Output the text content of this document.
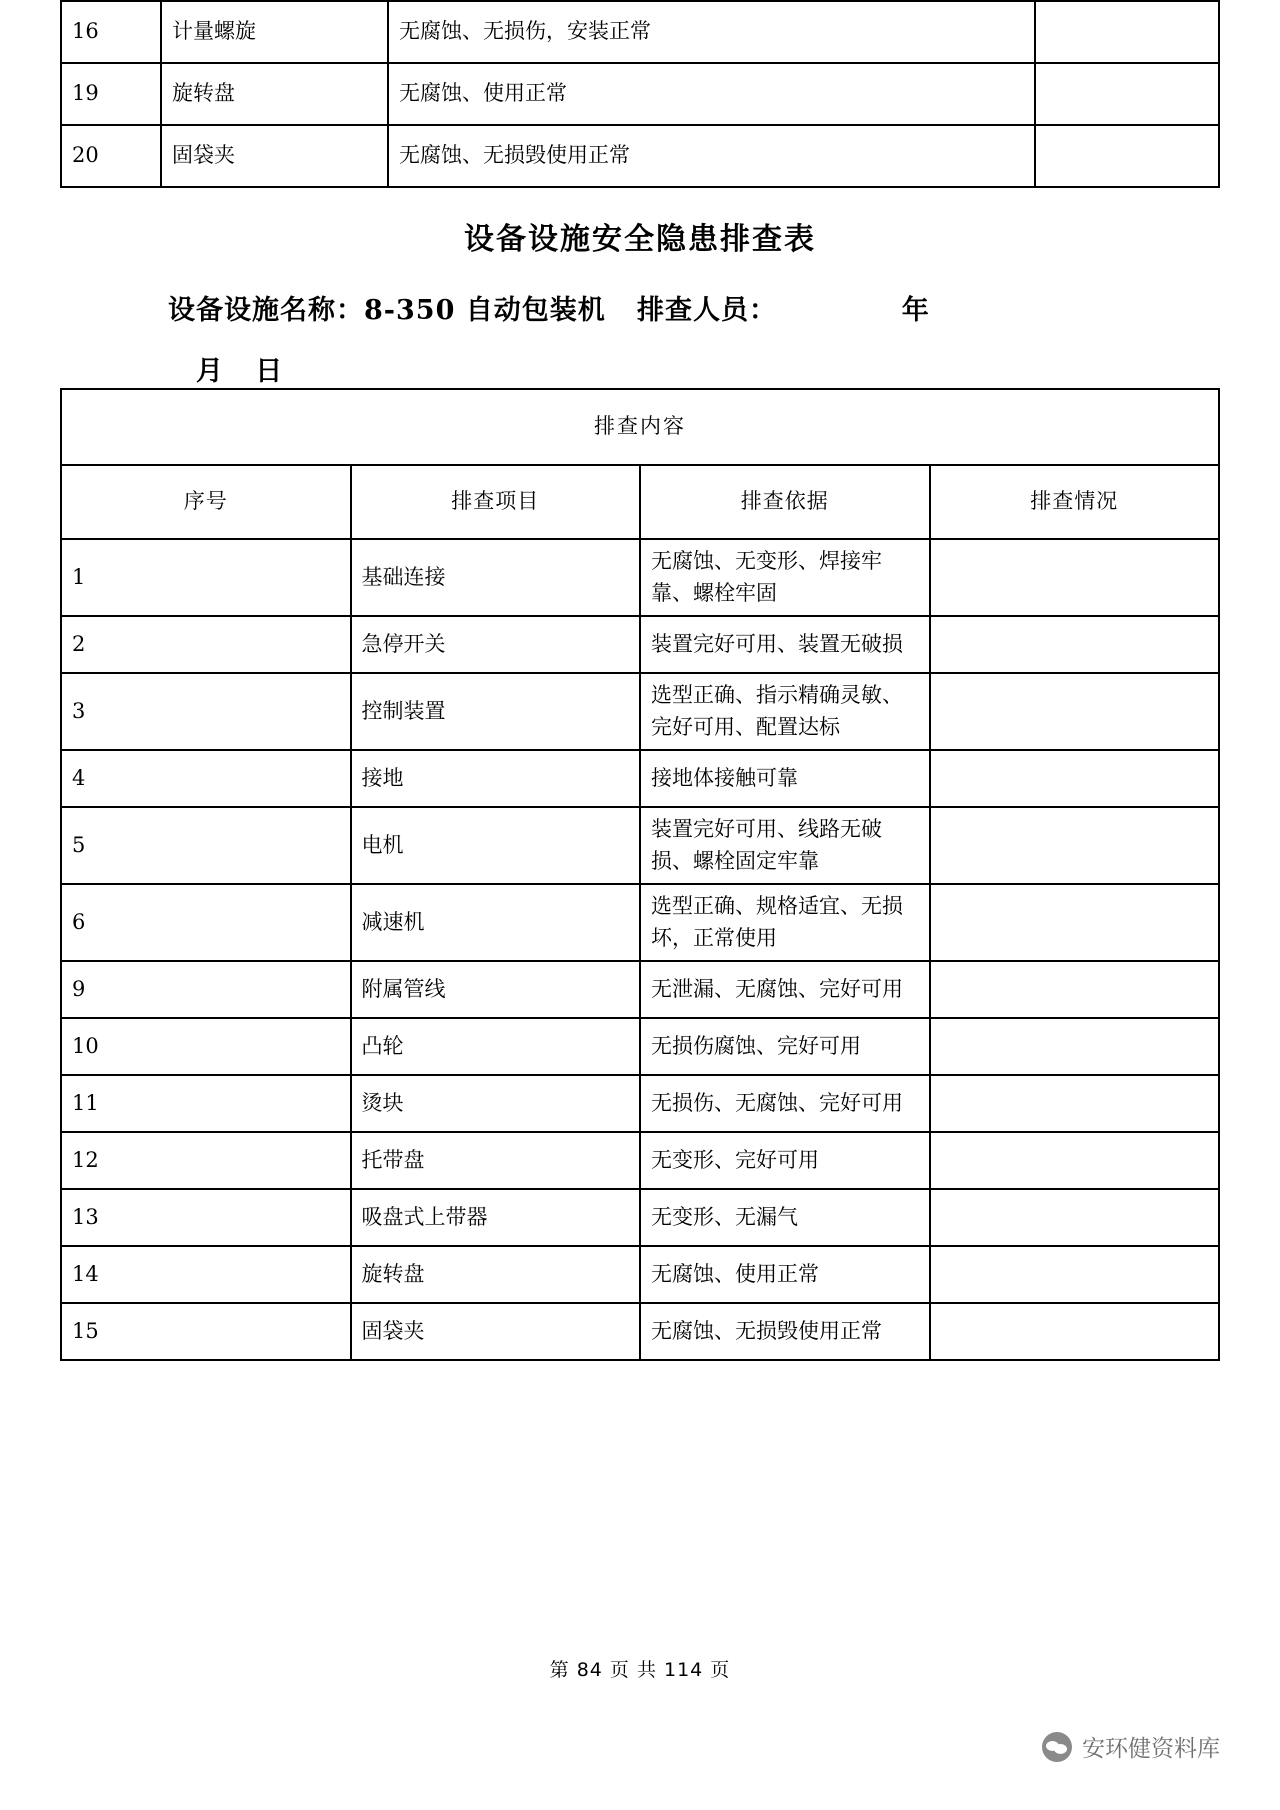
16	计量螺旋	无腐蚀、无损伤，安装正常	
19	旋转盘	无腐蚀、使用正常	
20	固袋夹	无腐蚀、无损毁使用正常	
设备设施安全隐患排查表
设备设施名称：8-350 自动包装机   排查人员：            年
月   日
排查内容			
序号	排查项目	排查依据	排查情况
1	基础连接	无腐蚀、无变形、焊接牢靠、螺栓牢固	
2	急停开关	装置完好可用、装置无破损	
3	控制装置	选型正确、指示精确灵敏、完好可用、配置达标	
4	接地	接地体接触可靠	
5	电机	装置完好可用、线路无破损、螺栓固定牢靠	
6	减速机	选型正确、规格适宜、无损坏，正常使用	
9	附属管线	无泄漏、无腐蚀、完好可用	
10	凸轮	无损伤腐蚀、完好可用	
11	烫块	无损伤、无腐蚀、完好可用	
12	托带盘	无变形、完好可用	
13	吸盘式上带器	无变形、无漏气	
14	旋转盘	无腐蚀、使用正常	
15	固袋夹	无腐蚀、无损毁使用正常	
第 84 页 共 114 页
安环健资料库
